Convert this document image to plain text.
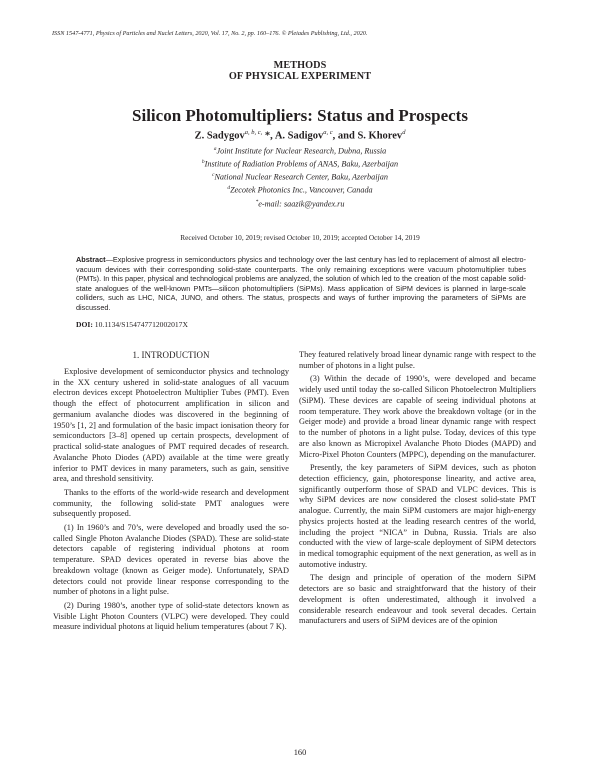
ISSN 1547-4771, Physics of Particles and Nuclei Letters, 2020, Vol. 17, No. 2, pp. 160–176. © Pleiades Publishing, Ltd., 2020.
METHODS
OF PHYSICAL EXPERIMENT
Silicon Photomultipliers: Status and Prospects
Z. Sadygov$^{a, b, c,}$ *, A. Sadigov$^{a, c}$, and S. Khorev$^d$
$^a$Joint Institute for Nuclear Research, Dubna, Russia
$^b$Institute of Radiation Problems of ANAS, Baku, Azerbaijan
$^c$National Nuclear Research Center, Baku, Azerbaijan
$^d$Zecotek Photonics Inc., Vancouver, Canada
*e-mail: saazik@yandex.ru
Received October 10, 2019; revised October 10, 2019; accepted October 14, 2019
Abstract—Explosive progress in semiconductors physics and technology over the last century has led to replacement of almost all electro-vacuum devices with their corresponding solid-state counterparts. The only remaining exceptions were vacuum photomultiplier tubes (PMTs). In this paper, physical and technological problems are analyzed, the solution of which led to the creation of the most capable solid-state analogues of the well-known PMTs—silicon photomultipliers (SiPMs). Mass application of SiPM devices is planned in large-scale colliders, such as LHC, NICA, JUNO, and others. The status, prospects and ways of further improving the parameters of SiPMs are discussed.
DOI: 10.1134/S154747712002017X
1. INTRODUCTION

Explosive development of semiconductor physics and technology in the XX century ushered in solid-state analogues of all vacuum electron devices except Photoelectron Multiplier Tubes (PMT). Even though the effect of photocurrent amplification in silicon and germanium avalanche diodes was discovered in the beginning of 1950’s [1, 2] and formulation of the basic impact ionisation theory for semiconductors [3–8] opened up certain prospects, development of practical solid-state analogues of PMT required decades of research. Avalanche Photo Diodes (APD) available at the time were greatly inferior to PMT devices in many parameters, such as gain, sensitive area, and threshold sensitivity.

Thanks to the efforts of the world-wide research and development community, the following solid-state PMT analogues were subsequently proposed.

(1) In 1960’s and 70’s, were developed and broadly used the so-called Single Photon Avalanche Diodes (SPAD). These are solid-state detectors capable of registering individual photons at room temperature. SPAD devices operated in reverse bias above the breakdown voltage (known as Geiger mode). Unfortunately, SPAD detectors could not provide linear response corresponding to the number of photons in a light pulse.

(2) During 1980’s, another type of solid-state detectors known as Visible Light Photon Counters (VLPC) were developed. They could measure individual photons at liquid helium temperatures (about 7 K).

They featured relatively broad linear dynamic range with respect to the number of photons in a light pulse.

(3) Within the decade of 1990’s, were developed and became widely used until today the so-called Silicon Photoelectron Multipliers (SiPM). These devices are capable of seeing individual photons at room temperature. They work above the breakdown voltage (or in the Geiger mode) and provide a broad linear dynamic range with respect to the number of photons in a light pulse. Today, devices of this type are also known as Micropixel Avalanche Photo Diodes (MAPD) and Micro-Pixel Photon Counters (MPPC), depending on the manufacturer.

Presently, the key parameters of SiPM devices, such as photon detection efficiency, gain, photoresponse linearity, and active area, significantly outperform those of SPAD and VLPC devices. This is why SiPM devices are now considered the closest solid-state PMT analogue. Currently, the main SiPM customers are major high-energy physics projects hosted at the leading research centres of the world, including the project “NICA” in Dubna, Russia. Trials are also conducted with the view of large-scale deployment of SiPM detectors in medical tomographic equipment of the next generation, as well as in automotive industry.

The design and principle of operation of the modern SiPM detectors are so basic and straightforward that the history of their development is often underestimated, although it involved a considerable research endeavour and took several decades. Certain manufacturers and users of SiPM devices are of the opinion

160
